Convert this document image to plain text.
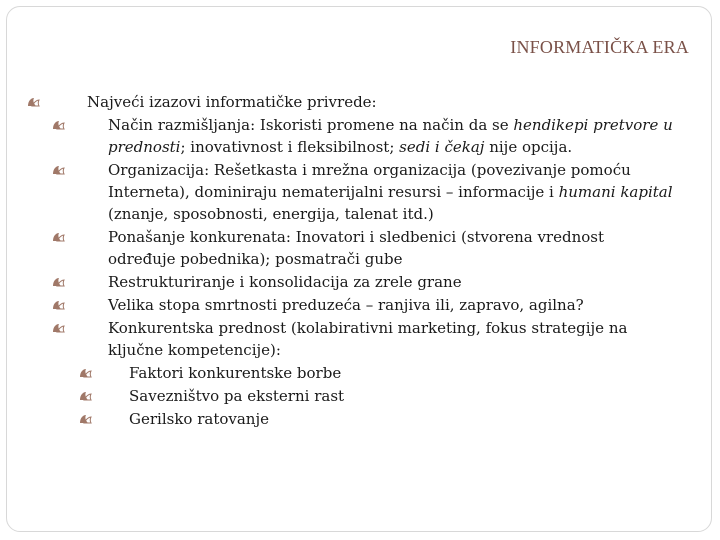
INFORMATIČKA ERA
Najveći izazovi informatičke privrede:
Način razmišljanja: Iskoristi promene na način da se hendikepi pretvore u prednosti; inovativnost i fleksibilnost; sedi i čekaj nije opcija.
Organizacija: Rešetkasta i mrežna organizacija (povezivanje pomoću Interneta), dominiraju nematerijalni resursi – informacije i humani kapital (znanje, sposobnosti, energija, talenat itd.)
Ponašanje konkurenata: Inovatori i sledbenici (stvorena vrednost određuje pobednika); posmatrači gube
Restrukturiranje i konsolidacija za zrele grane
Velika stopa smrtnosti preduzeća – ranjiva ili, zapravo, agilna?
Konkurentska prednost (kolabirativni marketing, fokus strategije na ključne kompetencije):
Faktori konkurentske borbe
Savezništvo pa eksterni rast
Gerilsko ratovanje
